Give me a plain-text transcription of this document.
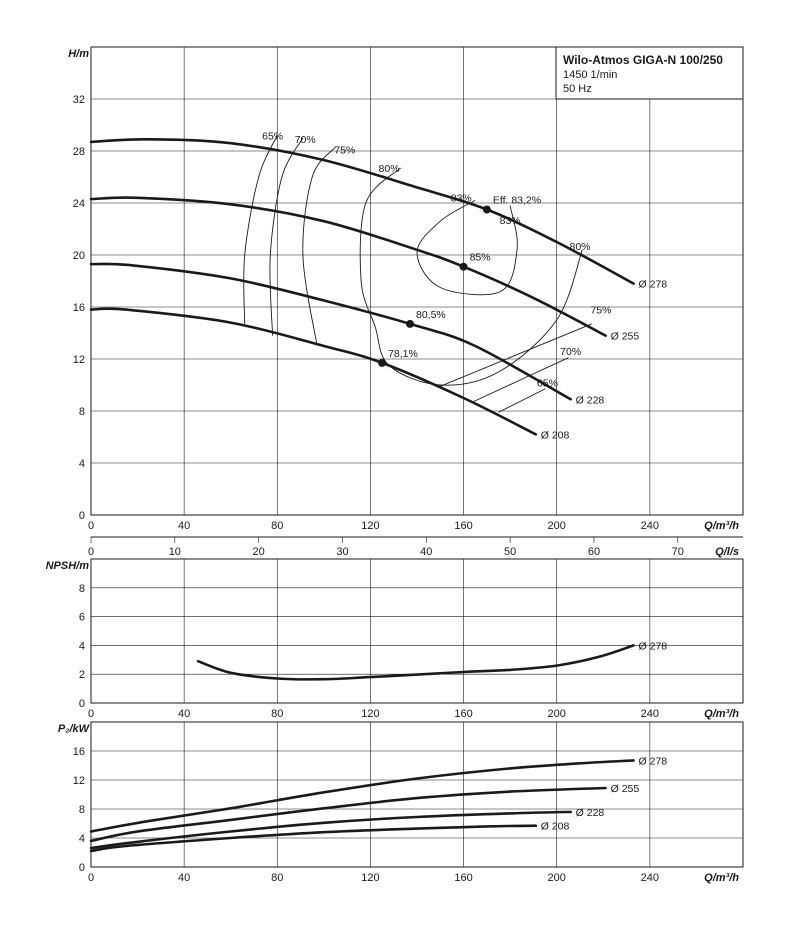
0	40	80	120	160	200	240
0
4
8
12
16
20
24
28
32
Q/m³/h
H/m
65% 70%
75%
80%
83%
83%
80%
75%
70%
65%
Ø 278
Ø 255
Ø 228
Ø 208
Eff. 83,2%
85%
80,5%
78,1%
0	10	20	30	40	50	60	70	Q/l/s
0	40	80	120	160	200	240
0
2
4
6
8
Q/m³/h
NPSH/m
Ø 278
0	40	80	120	160	200	240
0
4
8
12
16
Q/m³/h
P₂/kW
Ø 278
Ø 255
Ø 228
Ø 208
Wilo-Atmos GIGA-N 100/250
1450 1/min
50 Hz
